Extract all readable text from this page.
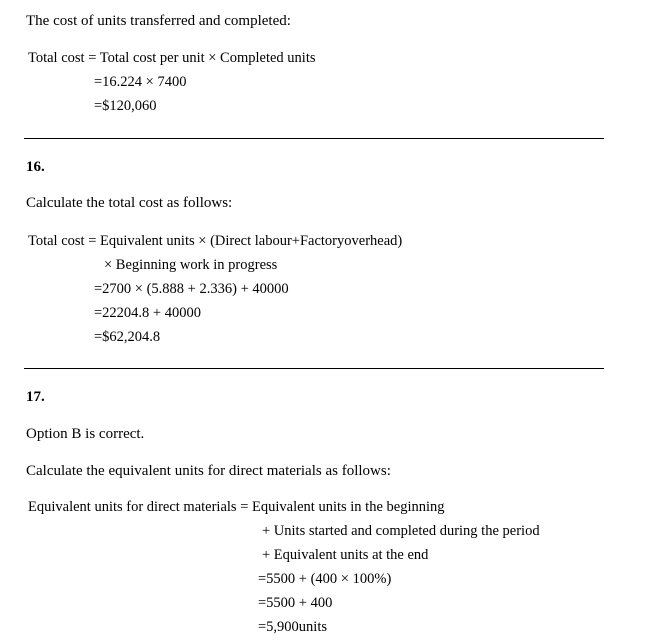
The cost of units transferred and completed:
Total cost = Total cost per unit × Completed units
=16.224 × 7400
=$120,060
16.
Calculate the total cost as follows:
Total cost = Equivalent units × (Direct labour+Factoryoverhead)
× Beginning work in progress
=2700 × (5.888 + 2.336) + 40000
=22204.8 + 40000
=$62,204.8
17.
Option B is correct.
Calculate the equivalent units for direct materials as follows:
Equivalent units for direct materials = Equivalent units in the beginning
+ Units started and completed during the period
+ Equivalent units at the end
=5500 + (400 × 100%)
=5500 + 400
=5,900units
